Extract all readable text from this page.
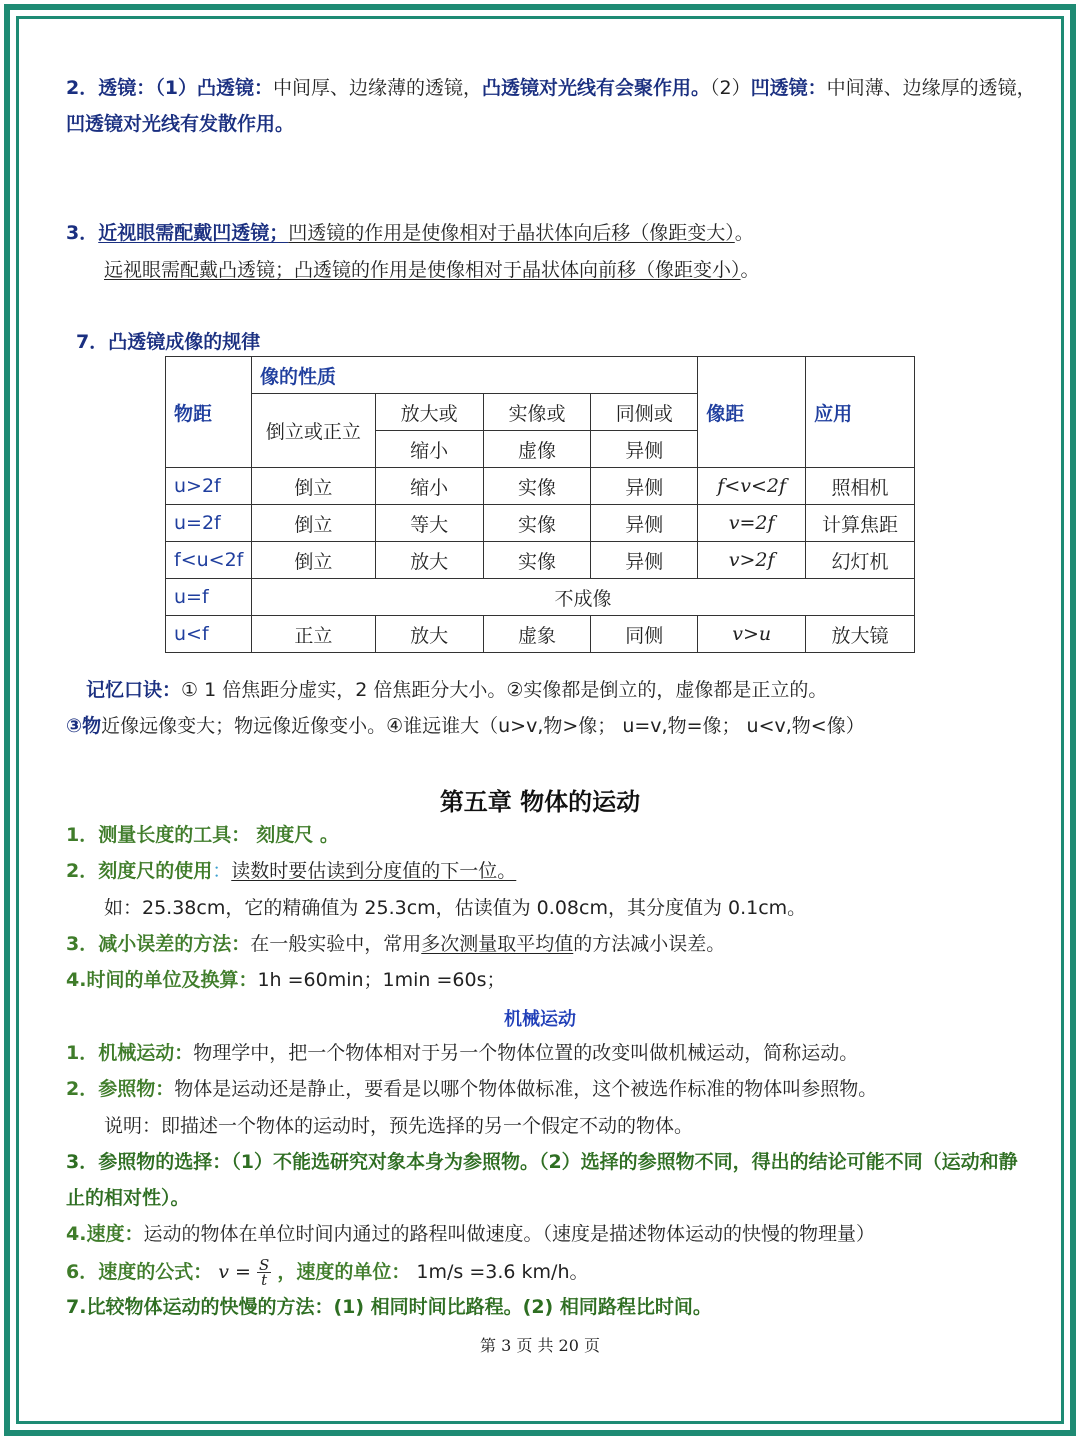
2．透镜：（1）凸透镜：中间厚、边缘薄的透镜，凸透镜对光线有会聚作用。（2）凹透镜：中间薄、边缘厚的透镜，
凹透镜对光线有发散作用。
3．近视眼需配戴凹透镜；凹透镜的作用是使像相对于晶状体向后移（像距变大）。
远视眼需配戴凸透镜；凸透镜的作用是使像相对于晶状体向前移（像距变小）。
7．凸透镜成像的规律
物距	像的性质				像距	应用
	倒立或正立	放大或	实像或	同侧或		
		缩小	虚像	异侧		
u>2f	倒立	缩小	实像	异侧	f<v<2f	照相机
u=2f	倒立	等大	实像	异侧	v=2f	计算焦距
f<u<2f	倒立	放大	实像	异侧	v>2f	幻灯机
u=f	不成像					
u<f	正立	放大	虚象	同侧	v>u	放大镜
记忆口诀：① 1 倍焦距分虚实，2 倍焦距分大小。②实像都是倒立的，虚像都是正立的。
③物近像远像变大；物远像近像变小。④谁远谁大（u>v,物>像； u=v,物=像； u<v,物<像）
第五章 物体的运动
1．测量长度的工具： 刻度尺 。
2．刻度尺的使用：读数时要估读到分度值的下一位。
如：25.38cm，它的精确值为 25.3cm，估读值为 0.08cm，其分度值为 0.1cm。
3．减小误差的方法：在一般实验中，常用多次测量取平均值的方法减小误差。
4.时间的单位及换算：1h =60min；1min =60s；
机械运动
1．机械运动：物理学中，把一个物体相对于另一个物体位置的改变叫做机械运动，简称运动。
2．参照物：物体是运动还是静止，要看是以哪个物体做标准，这个被选作标准的物体叫参照物。
说明：即描述一个物体的运动时，预先选择的另一个假定不动的物体。
3．参照物的选择：（1）不能选研究对象本身为参照物。（2）选择的参照物不同，得出的结论可能不同（运动和静
止的相对性）。
4.速度：运动的物体在单位时间内通过的路程叫做速度。（速度是描述物体运动的快慢的物理量）
6．速度的公式： $v = \frac{S}{t}$ ，速度的单位： 1m/s =3.6 km/h。
7.比较物体运动的快慢的方法：(1) 相同时间比路程。(2) 相同路程比时间。
第 3 页 共 20 页
